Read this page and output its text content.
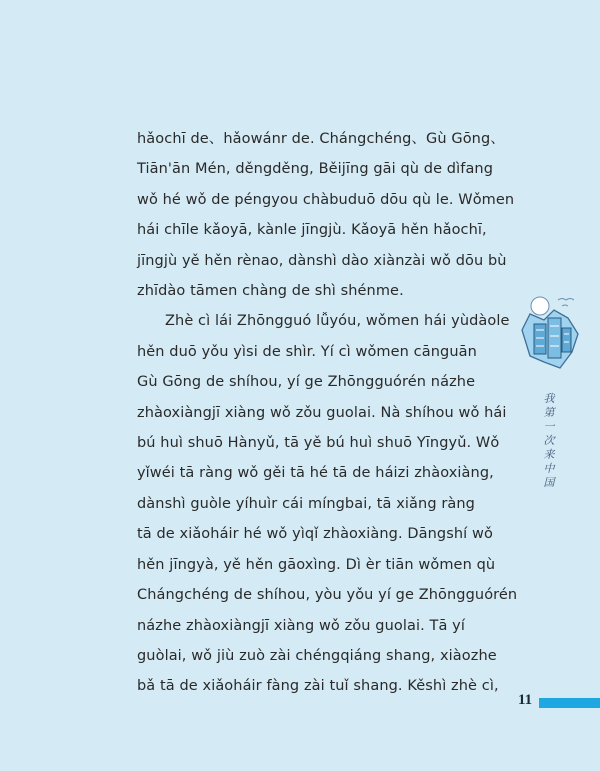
hǎochī de、hǎowánr de. Chángchéng、Gù Gōng、
Tiān'ān Mén, děngděng, Běijīng gāi qù de dìfang
wǒ hé wǒ de péngyou chàbuduō dōu qù le. Wǒmen
hái chīle kǎoyā, kànle jīngjù. Kǎoyā hěn hǎochī,
jīngjù yě hěn rènao, dànshì dào xiànzài wǒ dōu bù
zhīdào tāmen chàng de shì shénme.
Zhè cì lái Zhōngguó lǚyóu, wǒmen hái yùdàole
hěn duō yǒu yìsi de shìr. Yí cì wǒmen cānguān
Gù Gōng de shíhou, yí ge Zhōngguórén názhe
zhàoxiàngjī xiàng wǒ zǒu guolai. Nà shíhou wǒ hái
bú huì shuō Hànyǔ, tā yě bú huì shuō Yīngyǔ. Wǒ
yǐwéi tā ràng wǒ gěi tā hé tā de háizi zhàoxiàng,
dànshì guòle yíhuìr cái míngbai, tā xiǎng ràng
tā de xiǎoháir hé wǒ yìqǐ zhàoxiàng. Dāngshí wǒ
hěn jīngyà, yě hěn gāoxìng. Dì èr tiān wǒmen qù
Chángchéng de shíhou, yòu yǒu yí ge Zhōngguórén
názhe zhàoxiàngjī xiàng wǒ zǒu guolai. Tā yí
guòlai, wǒ jiù zuò zài chéngqiáng shang, xiàozhe
bǎ tā de xiǎoháir fàng zài tuǐ shang. Kěshì zhè cì,
我
第
一
次
来
中
国
11
